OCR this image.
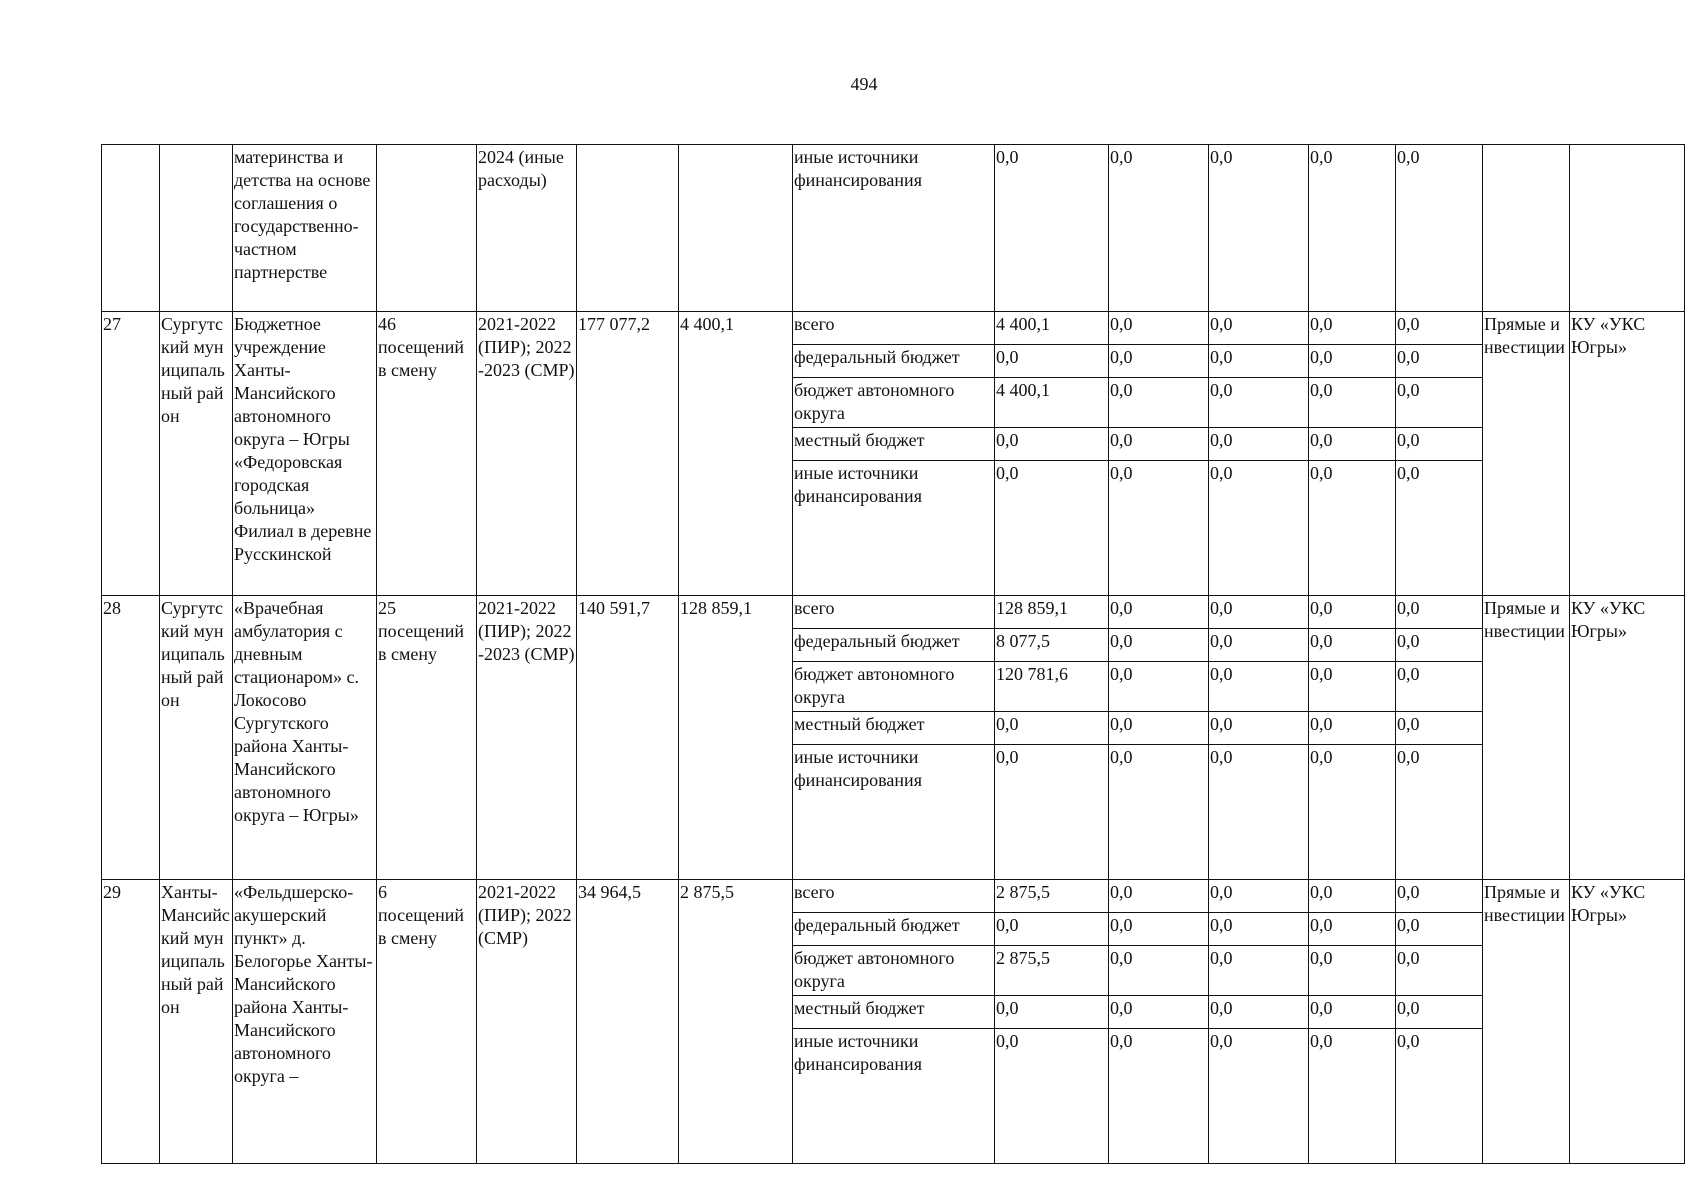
494
		материнства и детства на основе соглашения о государственно-частном партнерстве		2024 (иные расходы)			иные источники финансирования	0,0	0,0	0,0	0,0	0,0		
27	Сургутский муниципальный район	Бюджетное учреждение Ханты-Мансийского автономного округа – Югры «Федоровская городская больница» Филиал в деревне Русскинской	46 посещений в смену	2021-2022 (ПИР); 2022-2023 (СМР)	177 077,2	4 400,1	всего	4 400,1	0,0	0,0	0,0	0,0	Прямые инвестиции	КУ «УКС Югры»
							федеральный бюджет	0,0	0,0	0,0	0,0	0,0		
							бюджет автономного округа	4 400,1	0,0	0,0	0,0	0,0		
							местный бюджет	0,0	0,0	0,0	0,0	0,0		
							иные источники финансирования	0,0	0,0	0,0	0,0	0,0		
28	Сургутский муниципальный район	«Врачебная амбулатория с дневным стационаром» с. Локосово Сургутского района Ханты-Мансийского автономного округа – Югры»	25 посещений в смену	2021-2022 (ПИР); 2022-2023 (СМР)	140 591,7	128 859,1	всего	128 859,1	0,0	0,0	0,0	0,0	Прямые инвестиции	КУ «УКС Югры»
							федеральный бюджет	8 077,5	0,0	0,0	0,0	0,0		
							бюджет автономного округа	120 781,6	0,0	0,0	0,0	0,0		
							местный бюджет	0,0	0,0	0,0	0,0	0,0		
							иные источники финансирования	0,0	0,0	0,0	0,0	0,0		
29	Ханты-Мансийский муниципальный район	«Фельдшерско-акушерский пункт» д. Белогорье Ханты-Мансийского района Ханты-Мансийского автономного округа –	6 посещений в смену	2021-2022 (ПИР); 2022 (СМР)	34 964,5	2 875,5	всего	2 875,5	0,0	0,0	0,0	0,0	Прямые инвестиции	КУ «УКС Югры»
							федеральный бюджет	0,0	0,0	0,0	0,0	0,0		
							бюджет автономного округа	2 875,5	0,0	0,0	0,0	0,0		
							местный бюджет	0,0	0,0	0,0	0,0	0,0		
							иные источники финансирования	0,0	0,0	0,0	0,0	0,0		
